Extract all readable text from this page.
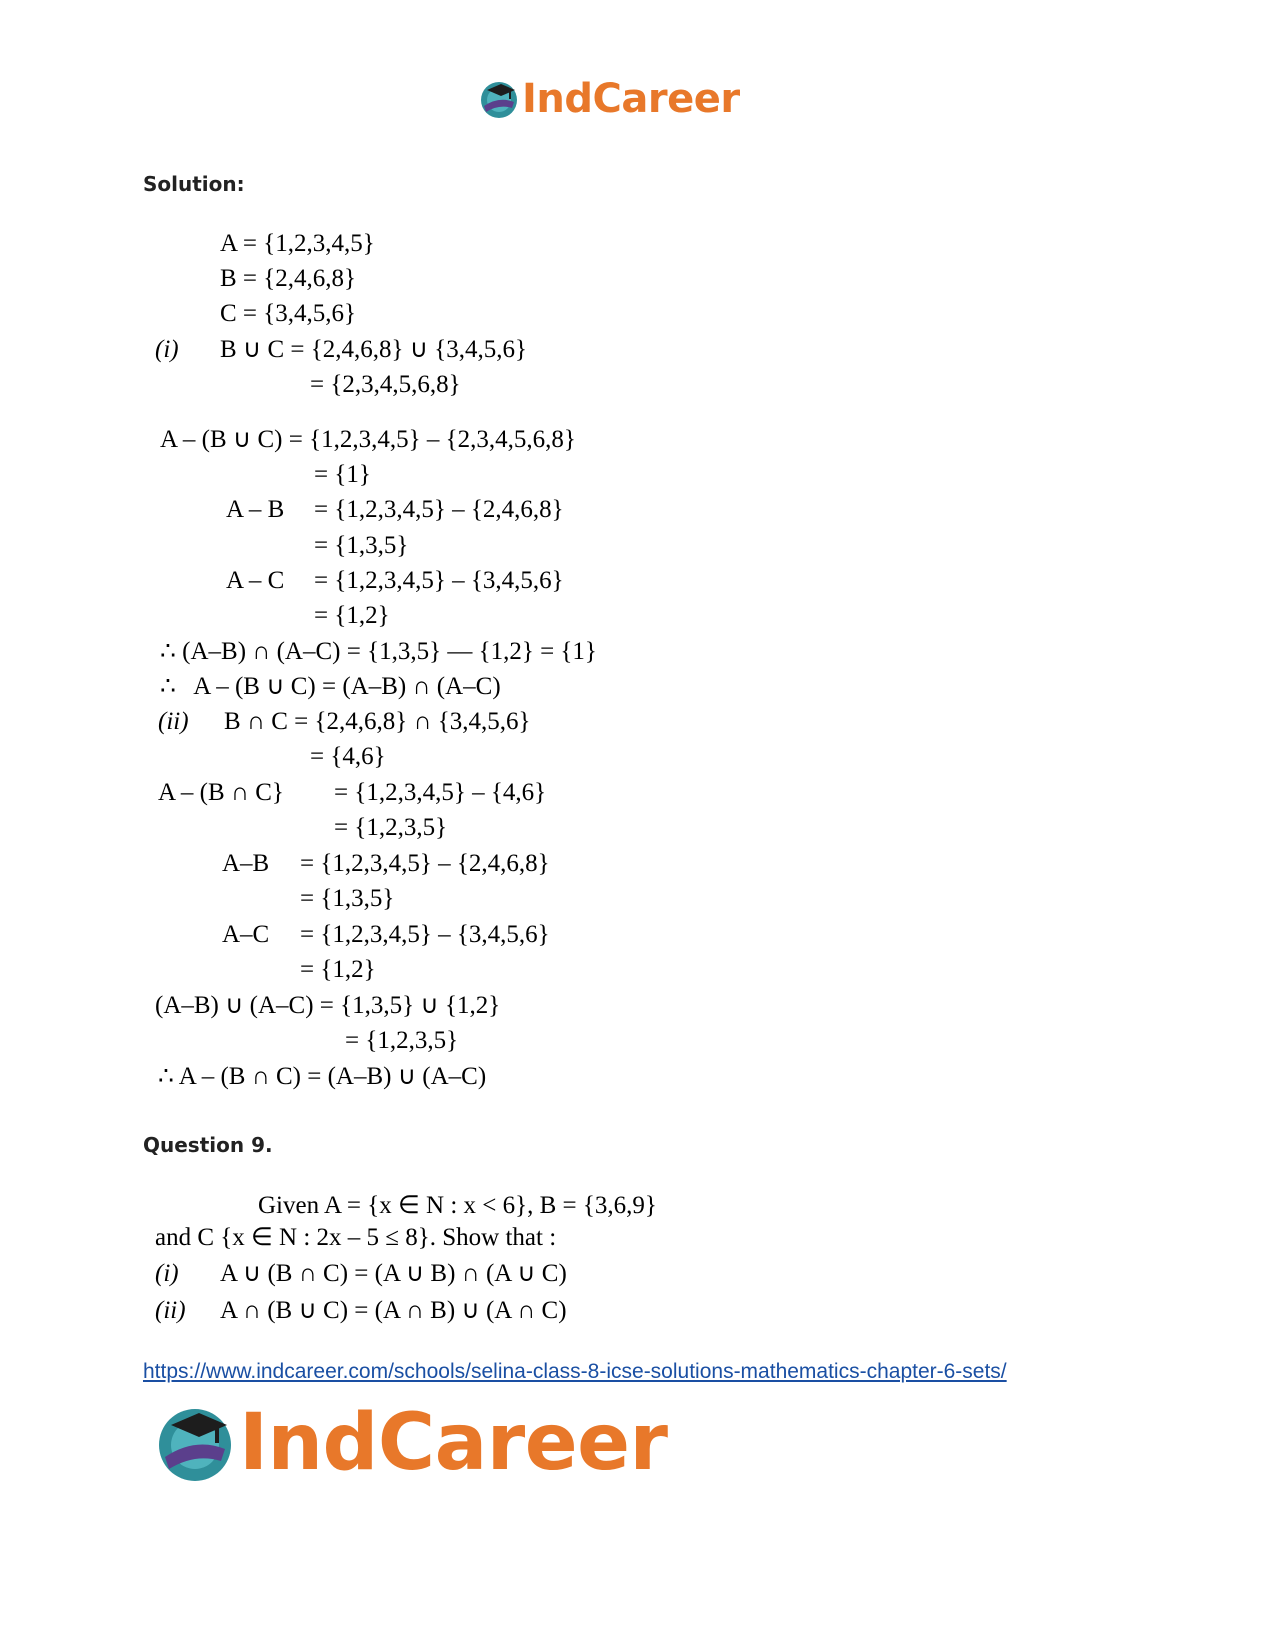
IndCareer
Solution:
A = {1,2,3,4,5}
B = {2,4,6,8}
C = {3,4,5,6}
(i) B ∪ C = {2,4,6,8} ∪ {3,4,5,6}
= {2,3,4,5,6,8}
A – (B ∪ C) = {1,2,3,4,5} – {2,3,4,5,6,8}
= {1}
A – B = {1,2,3,4,5} – {2,4,6,8}
= {1,3,5}
A – C = {1,2,3,4,5} – {3,4,5,6}
= {1,2}
∴ (A–B) ∩ (A–C) = {1,3,5} — {1,2} = {1}
∴   A – (B ∪ C) = (A–B) ∩ (A–C)
(ii) B ∩ C = {2,4,6,8} ∩ {3,4,5,6}
= {4,6}
A – (B ∩ C} = {1,2,3,4,5} – {4,6}
= {1,2,3,5}
A–B = {1,2,3,4,5} – {2,4,6,8}
= {1,3,5}
A–C = {1,2,3,4,5} – {3,4,5,6}
= {1,2}
(A–B) ∪ (A–C) = {1,3,5} ∪ {1,2}
= {1,2,3,5}
∴ A – (B ∩ C) = (A–B) ∪ (A–C)
Question 9.
Given A = {x ∈ N : x < 6}, B = {3,6,9}
and C {x ∈ N : 2x – 5 ≤ 8}. Show that :
(i) A ∪ (B ∩ C) = (A ∪ B) ∩ (A ∪ C)
(ii) A ∩ (B ∪ C) = (A ∩ B) ∪ (A ∩ C)
https://www.indcareer.com/schools/selina-class-8-icse-solutions-mathematics-chapter-6-sets/
IndCareer
